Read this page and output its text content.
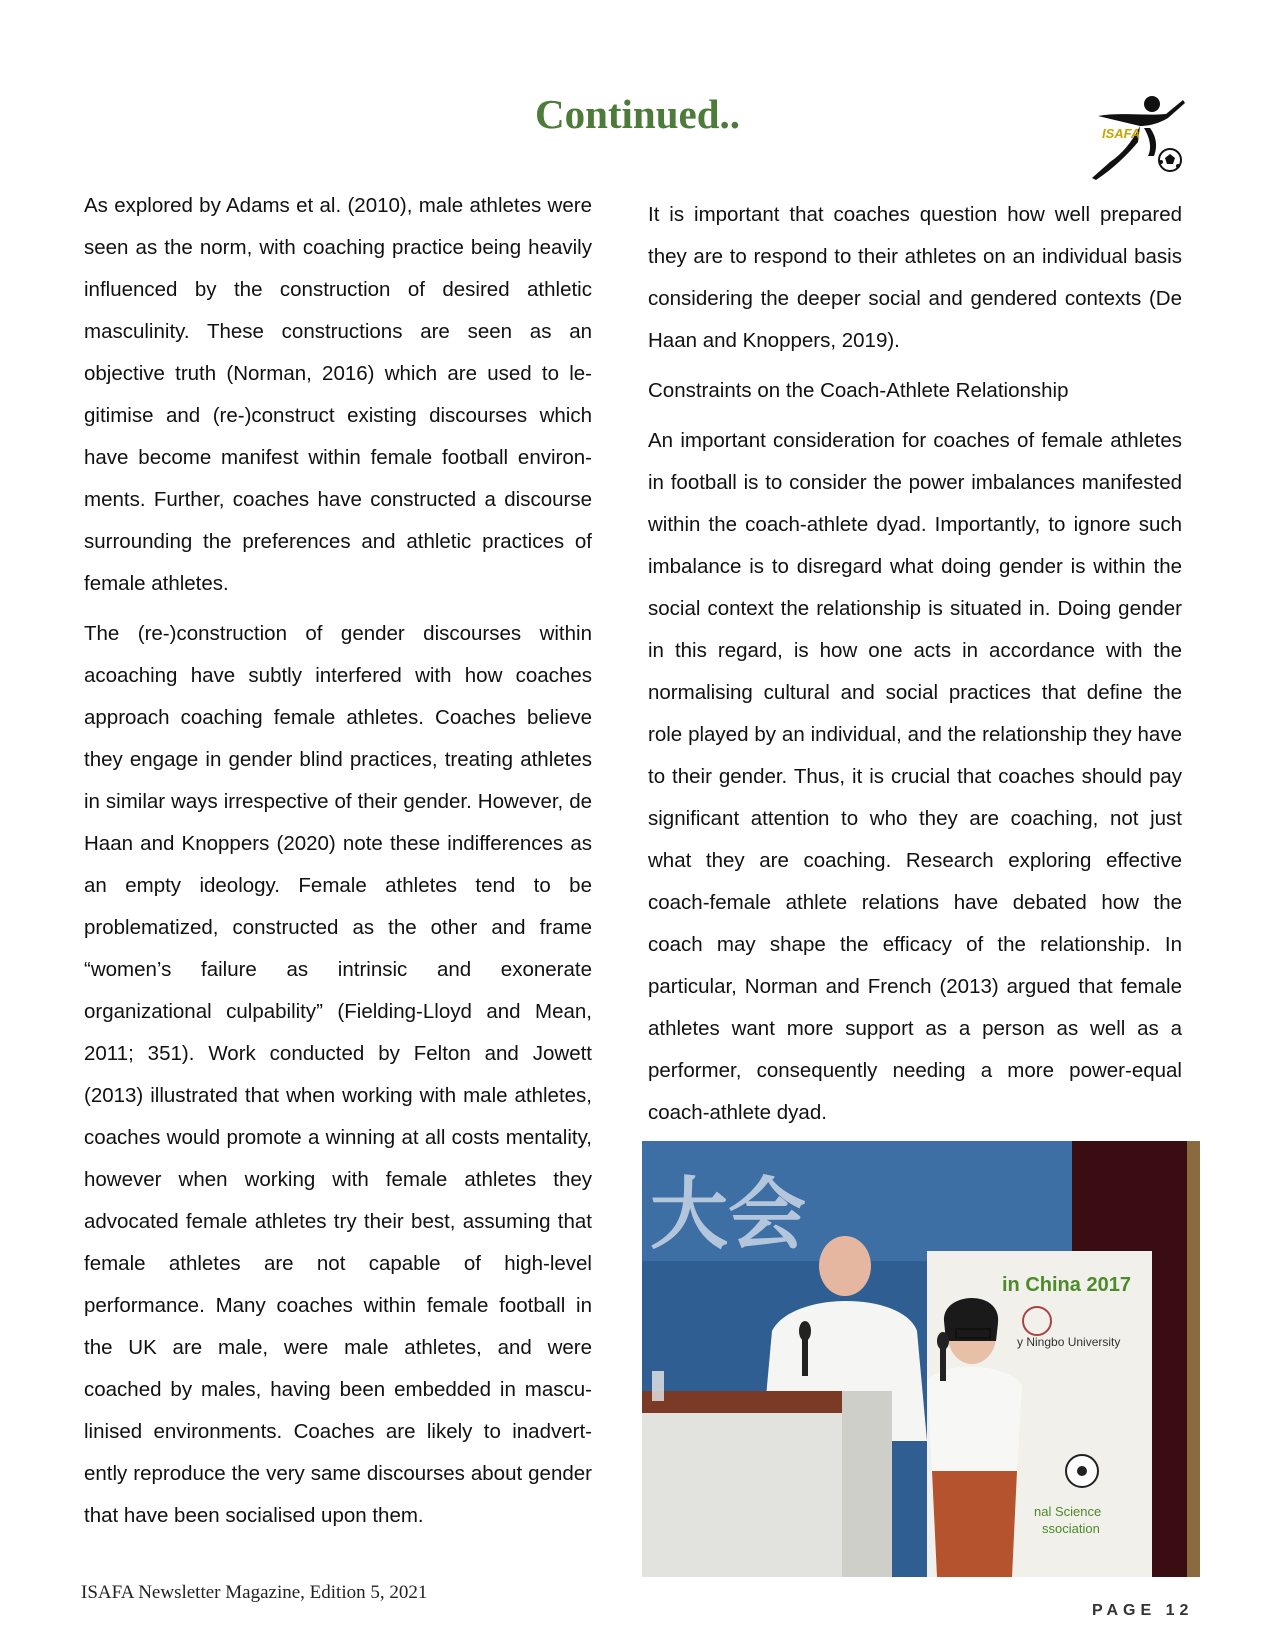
Continued..	ISAFA

As explored by Adams et al. (2010), male athletes were seen as the norm, with coaching practice being heavily influenced by the construction of desired athletic masculinity. These constructions are seen as an objective truth (Norman, 2016) which are used to legitimise and (re-)construct existing discourses which have become manifest within female football environments. Further, coaches have constructed a discourse surrounding the preferences and athletic practices of female athletes.

The (re-)construction of gender discourses within acoaching have subtly interfered with how coaches approach coaching female athletes. Coaches believe they engage in gender blind practices, treating athletes in similar ways irrespective of their gender. However, de Haan and Knoppers (2020) note these indifferences as an empty ideology. Female athletes tend to be problematized, constructed as the other and frame “women’s failure as intrinsic and exonerate organizational culpability” (Fielding-Lloyd and Mean, 2011; 351). Work conducted by Felton and Jowett (2013) illustrated that when working with male athletes, coaches would promote a winning at all costs mentality, however when working with female athletes they advocated female athletes try their best, assuming that female athletes are not capable of high-level performance. Many coaches within female football in the UK are male, were male athletes, and were coached by males, having been embedded in masculinised environments. Coaches are likely to inadvertently reproduce the very same discourses about gender that have been socialised upon them.

It is important that coaches question how well prepared they are to respond to their athletes on an individual basis considering the deeper social and gendered contexts (De Haan and Knoppers, 2019).

Constraints on the Coach-Athlete Relationship

An important consideration for coaches of female athletes in football is to consider the power imbalances manifested within the coach-athlete dyad. Importantly, to ignore such imbalance is to disregard what doing gender is within the social context the relationship is situated in. Doing gender in this regard, is how one acts in accordance with the normalising cultural and social practices that define the role played by an individual, and the relationship they have to their gender. Thus, it is crucial that coaches should pay significant attention to who they are coaching, not just what they are coaching. Research exploring effective coach-female athlete relations have debated how the coach may shape the efficacy of the relationship. In particular, Norman and French (2013) argued that female athletes want more support as a person as well as a performer, consequently needing a more power-equal coach-athlete dyad.

大会
in China 2017
y Ningbo University
nal Science
ssociation
ISAFA Newsletter Magazine, Edition 5, 2021
PAGE 12
